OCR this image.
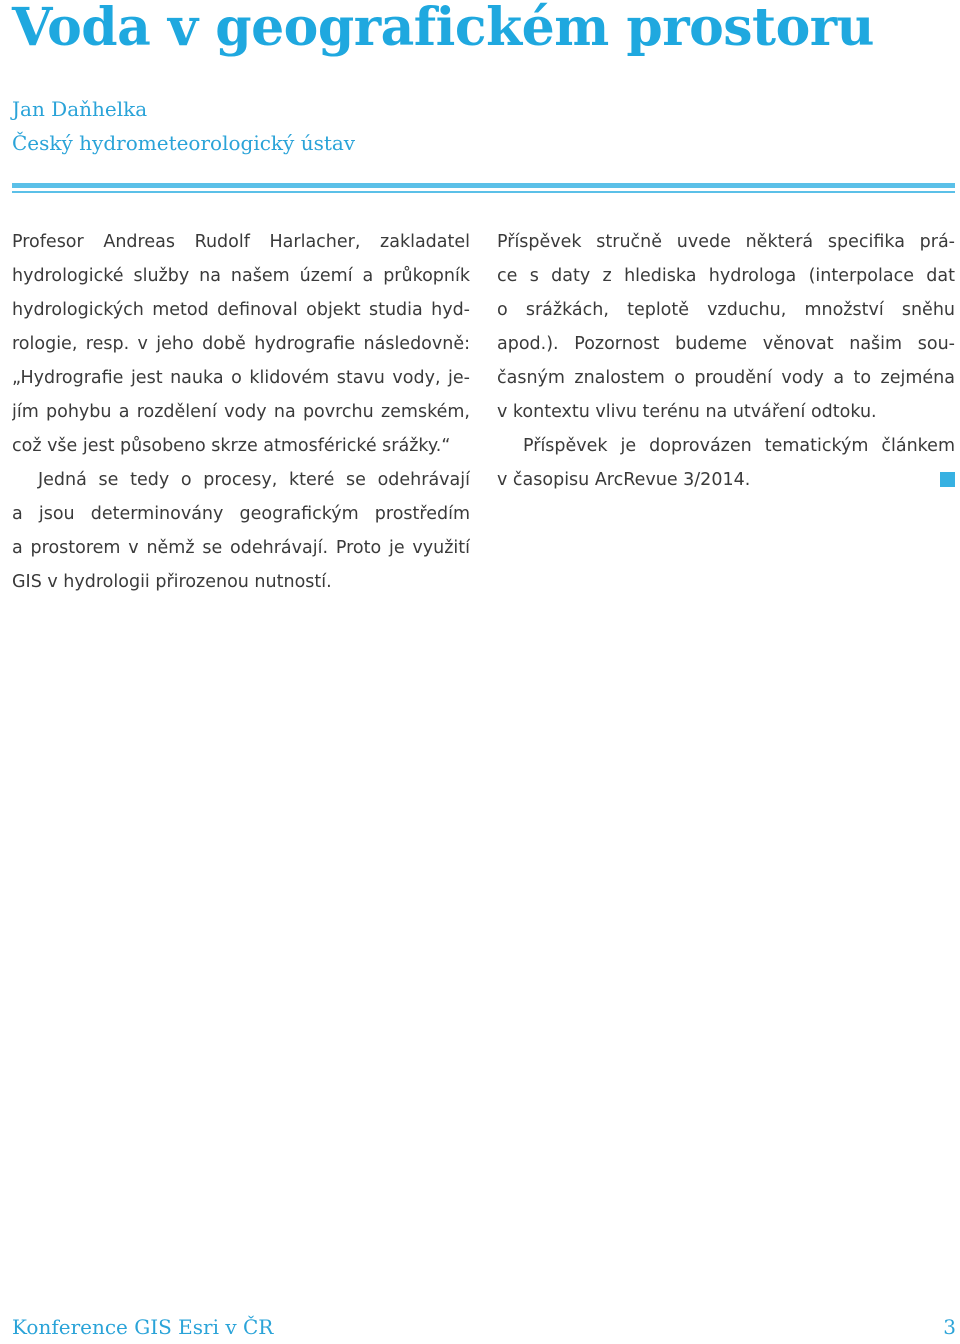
Voda v geografickém prostoru
Jan Daňhelka
Český hydrometeorologický ústav
Profesor Andreas Rudolf Harlacher, zakladatel
hydrologické služby na našem území a průkopník
hydrologických metod definoval objekt studia hyd-
rologie, resp. v jeho době hydrografie následovně:
„Hydrografie jest nauka o klidovém stavu vody, je-
jím pohybu a rozdělení vody na povrchu zemském,
což vše jest působeno skrze atmosférické srážky.“
Jedná se tedy o procesy, které se odehrávají
a jsou determinovány geografickým prostředím
a prostorem v němž se odehrávají. Proto je využití
GIS v hydrologii přirozenou nutností.
Příspěvek stručně uvede některá specifika prá-
ce s daty z hlediska hydrologa (interpolace dat
o srážkách, teplotě vzduchu, množství sněhu
apod.). Pozornost budeme věnovat našim sou-
časným znalostem o proudění vody a to zejména
v kontextu vlivu terénu na utváření odtoku.
Příspěvek je doprovázen tematickým článkem
v časopisu ArcRevue 3/2014.
Konference GIS Esri v ČR	3
